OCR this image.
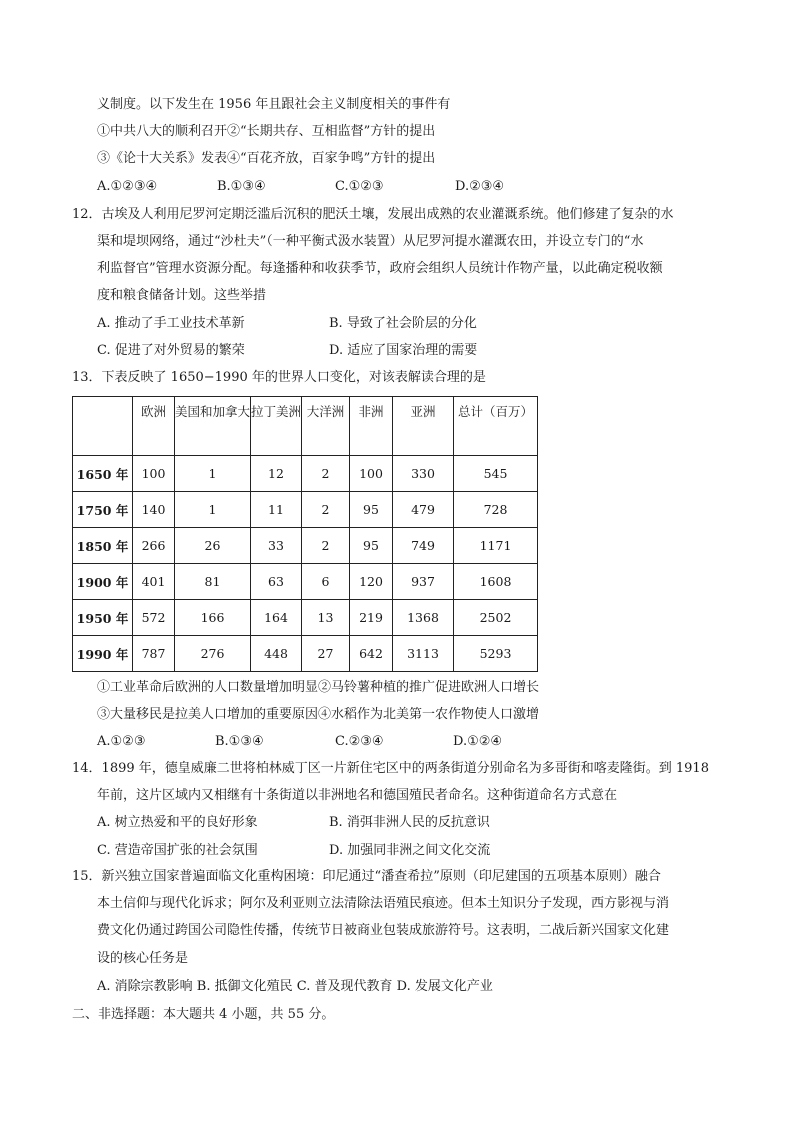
义制度。以下发生在 1956 年且跟社会主义制度相关的事件有
①中共八大的顺利召开②“长期共存、互相监督”方针的提出
③《论十大关系》发表④“百花齐放，百家争鸣”方针的提出
A.①②③④	B.①③④	C.①②③	D.②③④
12．古埃及人利用尼罗河定期泛滥后沉积的肥沃土壤，发展出成熟的农业灌溉系统。他们修建了复杂的水
渠和堤坝网络，通过“沙杜夫”（一种平衡式汲水装置）从尼罗河提水灌溉农田，并设立专门的“水
利监督官”管理水资源分配。每逢播种和收获季节，政府会组织人员统计作物产量，以此确定税收额
度和粮食储备计划。这些举措
A. 推动了手工业技术革新	B. 导致了社会阶层的分化
C. 促进了对外贸易的繁荣	D. 适应了国家治理的需要
13．下表反映了 1650−1990 年的世界人口变化，对该表解读合理的是
	欧洲	美国和加拿大	拉丁美洲	大洋洲	非洲	亚洲	总计（百万）
1650 年	100	1	12	2	100	330	545
1750 年	140	1	11	2	95	479	728
1850 年	266	26	33	2	95	749	1171
1900 年	401	81	63	6	120	937	1608
1950 年	572	166	164	13	219	1368	2502
1990 年	787	276	448	27	642	3113	5293
①工业革命后欧洲的人口数量增加明显②马铃薯种植的推广促进欧洲人口增长
③大量移民是拉美人口增加的重要原因④水稻作为北美第一农作物使人口激增
A.①②③	B.①③④	C.②③④	D.①②④
14．1899 年，德皇威廉二世将柏林威丁区一片新住宅区中的两条街道分别命名为多哥街和喀麦隆街。到 1918
年前，这片区域内又相继有十条街道以非洲地名和德国殖民者命名。这种街道命名方式意在
A. 树立热爱和平的良好形象	B. 消弭非洲人民的反抗意识
C. 营造帝国扩张的社会氛围	D. 加强同非洲之间文化交流
15．新兴独立国家普遍面临文化重构困境：印尼通过“潘查希拉”原则（印尼建国的五项基本原则）融合
本土信仰与现代化诉求；阿尔及利亚则立法清除法语殖民痕迹。但本土知识分子发现，西方影视与消
费文化仍通过跨国公司隐性传播，传统节日被商业包装成旅游符号。这表明，二战后新兴国家文化建
设的核心任务是
A. 消除宗教影响 B. 抵御文化殖民 C. 普及现代教育 D. 发展文化产业
二、非选择题：本大题共 4 小题，共 55 分。
